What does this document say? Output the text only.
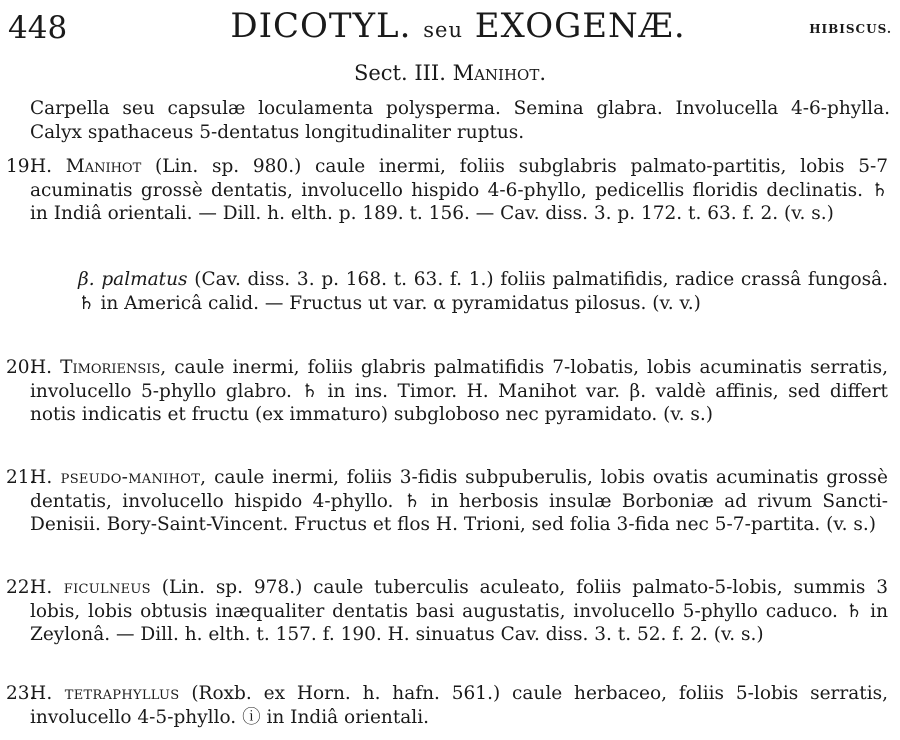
448	DICOTYL. seu EXOGENÆ.	HIBISCUS.
Sect. III. Manihot.
Carpella seu capsulæ loculamenta polysperma. Semina glabra. Involucella 4-6-phylla. Calyx spathaceus 5-dentatus longitudinaliter ruptus.
19.
H. Manihot (Lin. sp. 980.) caule inermi, foliis subglabris palmato-partitis, lobis 5-7 acuminatis grossè dentatis, involucello hispido 4-6-phyllo, pedicellis floridis declinatis. ♄ in Indiâ orientali. — Dill. h. elth. p. 189. t. 156. — Cav. diss. 3. p. 172. t. 63. f. 2. (v. s.)
β. palmatus (Cav. diss. 3. p. 168. t. 63. f. 1.) foliis palmatifidis, radice crassâ fungosâ. ♄ in Americâ calid. — Fructus ut var. α pyramidatus pilosus. (v. v.)
20.
H. Timoriensis, caule inermi, foliis glabris palmatifidis 7-lobatis, lobis acuminatis serratis, involucello 5-phyllo glabro. ♄ in ins. Timor. H. Manihot var. β. valdè affinis, sed differt notis indicatis et fructu (ex immaturo) subgloboso nec pyramidato. (v. s.)
21.
H. pseudo-manihot, caule inermi, foliis 3-fidis subpuberulis, lobis ovatis acuminatis grossè dentatis, involucello hispido 4-phyllo. ♄ in herbosis insulæ Borboniæ ad rivum Sancti-Denisii. Bory-Saint-Vincent. Fructus et flos H. Trioni, sed folia 3-fida nec 5-7-partita. (v. s.)
22.
H. ficulneus (Lin. sp. 978.) caule tuberculis aculeato, foliis palmato-5-lobis, summis 3 lobis, lobis obtusis inæqualiter dentatis basi augustatis, involucello 5-phyllo caduco. ♄ in Zeylonâ. — Dill. h. elth. t. 157. f. 190. H. sinuatus Cav. diss. 3. t. 52. f. 2. (v. s.)
23.
H. tetraphyllus (Roxb. ex Horn. h. hafn. 561.) caule herbaceo, foliis 5-lobis serratis, involucello 4-5-phyllo. ⓘ in Indiâ orientali.
